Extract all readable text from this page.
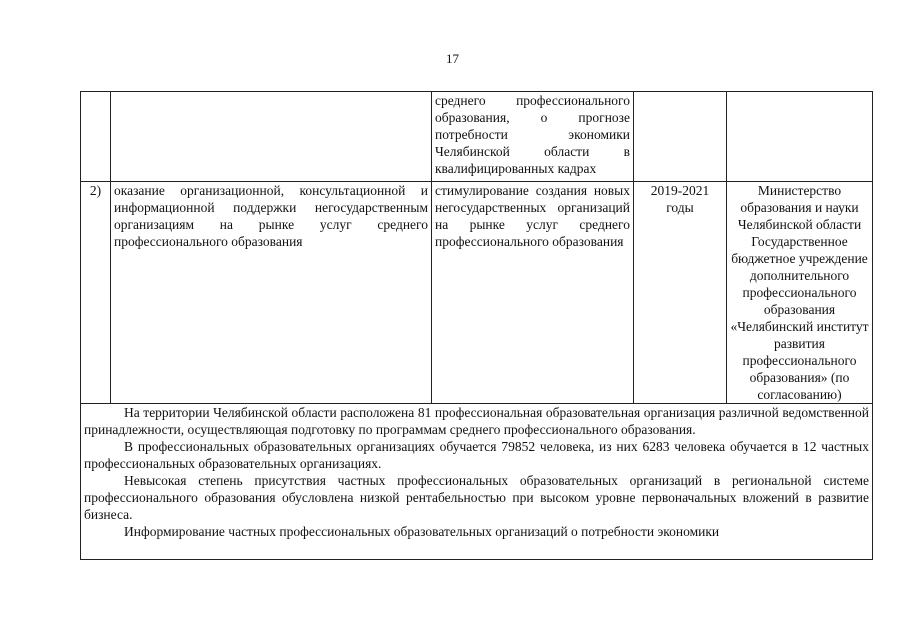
17
		среднего профессионального образования, о прогнозе потребности экономики Челябинской области в квалифицированных кадрах		
2)	оказание организационной, консультационной и информационной поддержки негосударственным организациям на рынке услуг среднего профессионального образования	стимулирование создания новых негосударственных организаций на рынке услуг среднего профессионального образования	2019-2021 годы	Министерство образования и науки Челябинской области Государственное бюджетное учреждение дополнительного профессионального образования «Челябинский институт развития профессионального образования» (по согласованию)

На территории Челябинской области расположена 81 профессиональная образовательная организация различной ведомственной принадлежности, осуществляющая подготовку по программам среднего профессионального образования.

В профессиональных образовательных организациях обучается 79852 человека, из них 6283 человека обучается в 12 частных профессиональных образовательных организациях.

Невысокая степень присутствия частных профессиональных образовательных организаций в региональной системе профессионального образования обусловлена низкой рентабельностью при высоком уровне первоначальных вложений в развитие бизнеса.

Информирование частных профессиональных образовательных организаций о потребности экономики				
